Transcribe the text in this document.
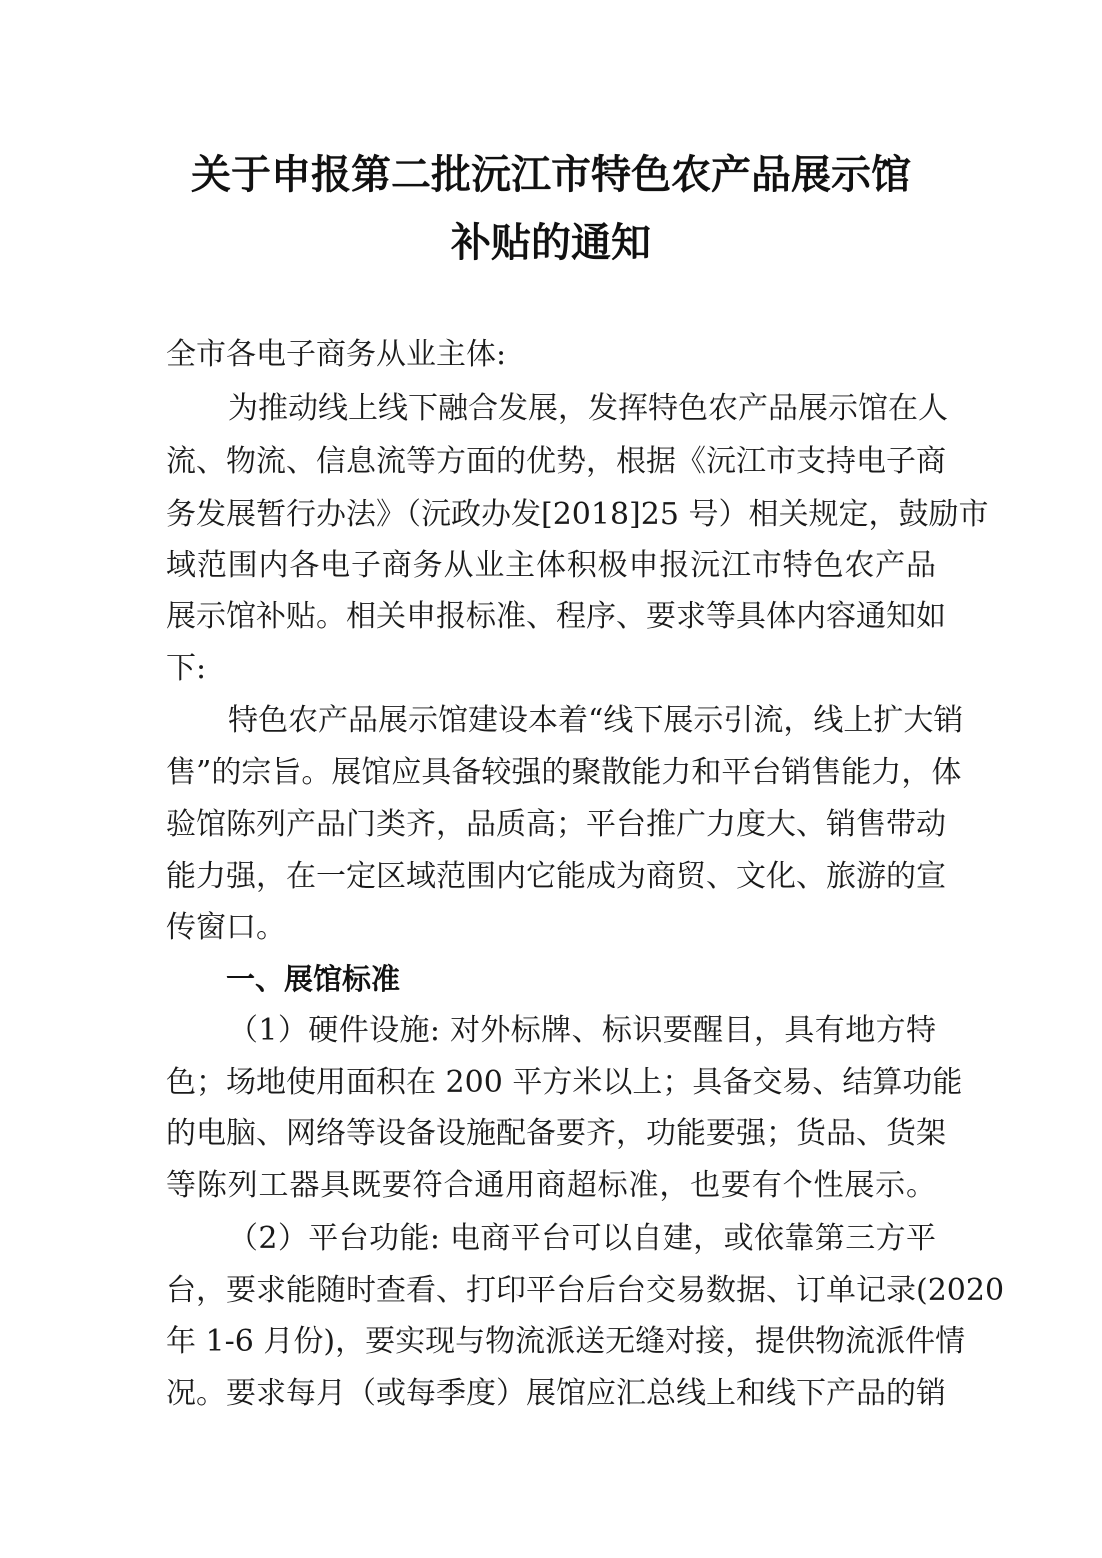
关于申报第二批沅江市特色农产品展示馆
补贴的通知
全市各电子商务从业主体:
为推动线上线下融合发展，发挥特色农产品展示馆在人
流、物流、信息流等方面的优势，根据《沅江市支持电子商
务发展暂行办法》（沅政办发[2018]25 号）相关规定，鼓励市
域范围内各电子商务从业主体积极申报沅江市特色农产品
展示馆补贴。相关申报标准、程序、要求等具体内容通知如
下:
特色农产品展示馆建设本着“线下展示引流，线上扩大销
售”的宗旨。展馆应具备较强的聚散能力和平台销售能力，体
验馆陈列产品门类齐，品质高；平台推广力度大、销售带动
能力强，在一定区域范围内它能成为商贸、文化、旅游的宣
传窗口。
一、展馆标准
（1）硬件设施: 对外标牌、标识要醒目，具有地方特
色；场地使用面积在 200 平方米以上；具备交易、结算功能
的电脑、网络等设备设施配备要齐，功能要强；货品、货架
等陈列工器具既要符合通用商超标准，也要有个性展示。
（2）平台功能: 电商平台可以自建，或依靠第三方平
台，要求能随时查看、打印平台后台交易数据、订单记录(2020
年 1-6 月份)，要实现与物流派送无缝对接，提供物流派件情
况。要求每月（或每季度）展馆应汇总线上和线下产品的销
